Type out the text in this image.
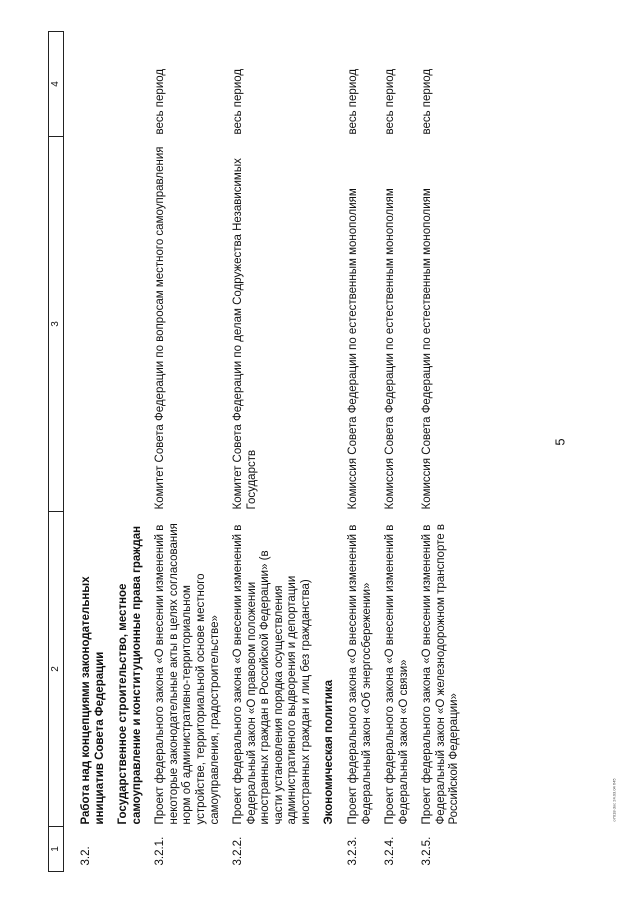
5
1	2	3	4

3.2.	Работа над концепциями законодательных инициатив Совета Федерации		

	Государственное строительство, местное самоуправление и конституционные права граждан		

3.2.1.	Проект федерального закона «О внесении изменений в некоторые законодательные акты в целях согласования норм об административно-территориальном устройстве, территориальной основе местного самоуправления, градостроительстве»	Комитет Совета Федерации по вопросам местного самоуправления	весь период

3.2.2.	Проект федерального закона «О внесении изменений в Федеральный закон «О правовом положении иностранных граждан в Российской Федерации» (в части установления порядка осуществления административного выдворения и депортации иностранных граждан и лиц без гражданства)	Комитет Совета Федерации по делам Содружества Независимых Государств	весь период

	Экономическая политика		

3.2.3.	Проект федерального закона «О внесении изменений в Федеральный закон «Об энергосбережении»	Комиссия Совета Федерации по естественным монополиям	весь период

3.2.4.	Проект федерального закона «О внесении изменений в Федеральный закон «О связи»	Комиссия Совета Федерации по естественным монополиям	весь период

3.2.5.	Проект федерального закона «О внесении изменений в Федеральный закон «О железнодорожном транспорте в Российской Федерации»	Комиссия Совета Федерации по естественным монополиям	весь период

o7018 doc 24.03.04 645
